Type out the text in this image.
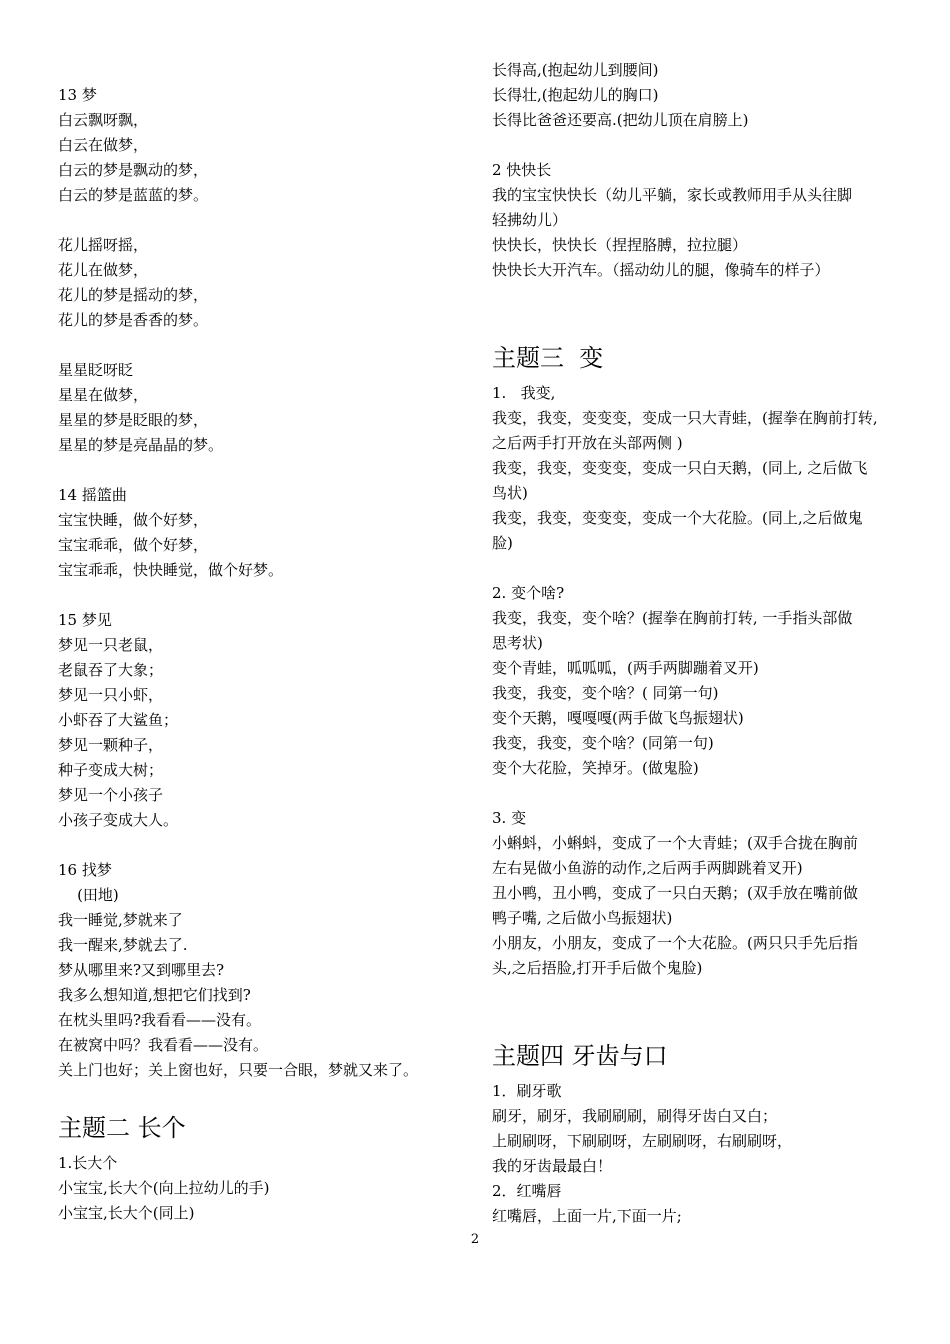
13 梦
白云飘呀飘，
白云在做梦，
白云的梦是飘动的梦，
白云的梦是蓝蓝的梦。
花儿摇呀摇，
花儿在做梦，
花儿的梦是摇动的梦，
花儿的梦是香香的梦。
星星眨呀眨
星星在做梦，
星星的梦是眨眼的梦，
星星的梦是亮晶晶的梦。
14 摇篮曲
宝宝快睡，做个好梦，
宝宝乖乖，做个好梦，
宝宝乖乖，快快睡觉，做个好梦。
15 梦见
梦见一只老鼠，
老鼠吞了大象；
梦见一只小虾，
小虾吞了大鲨鱼；
梦见一颗种子，
种子变成大树；
梦见一个小孩子
小孩子变成大人。
16 找梦
(田地)
我一睡觉,梦就来了
我一醒来,梦就去了.
梦从哪里来?又到哪里去?
我多么想知道,想把它们找到?
在枕头里吗?我看看——没有。
在被窝中吗？我看看——没有。
关上门也好；关上窗也好，只要一合眼，梦就又来了。
主题二 长个
1.长大个
小宝宝,长大个(向上拉幼儿的手)
小宝宝,长大个(同上)
长得高,(抱起幼儿到腰间)
长得壮,(抱起幼儿的胸口)
长得比爸爸还要高.(把幼儿顶在肩膀上)
2 快快长
我的宝宝快快长（幼儿平躺，家长或教师用手从头往脚
轻拂幼儿）
快快长，快快长（捏捏胳膊，拉拉腿）
快快长大开汽车。（摇动幼儿的腿，像骑车的样子）
主题三  变
1.   我变,
我变，我变，变变变，变成一只大青蛙，(握拳在胸前打转,
之后两手打开放在头部两侧 )
我变，我变，变变变，变成一只白天鹅，(同上, 之后做飞
鸟状)
我变，我变，变变变，变成一个大花脸。(同上,之后做鬼
脸)
2. 变个啥?
我变，我变，变个啥？(握拳在胸前打转, 一手指头部做
思考状)
变个青蛙，呱呱呱，(两手两脚蹦着叉开)
我变，我变，变个啥？( 同第一句)
变个天鹅，嘎嘎嘎(两手做飞鸟振翅状)
我变，我变，变个啥？(同第一句)
变个大花脸，笑掉牙。(做鬼脸)
3. 变
小蝌蚪，小蝌蚪，变成了一个大青蛙；(双手合拢在胸前
左右晃做小鱼游的动作,之后两手两脚跳着叉开)
丑小鸭，丑小鸭，变成了一只白天鹅；(双手放在嘴前做
鸭子嘴, 之后做小鸟振翅状)
小朋友，小朋友，变成了一个大花脸。(两只只手先后指
头,之后捂脸,打开手后做个鬼脸)
主题四 牙齿与口
1．刷牙歌
刷牙，刷牙，我刷刷刷，刷得牙齿白又白；
上刷刷呀，下刷刷呀，左刷刷呀，右刷刷呀，
我的牙齿最最白！
2．红嘴唇
红嘴唇，上面一片,下面一片;
2
